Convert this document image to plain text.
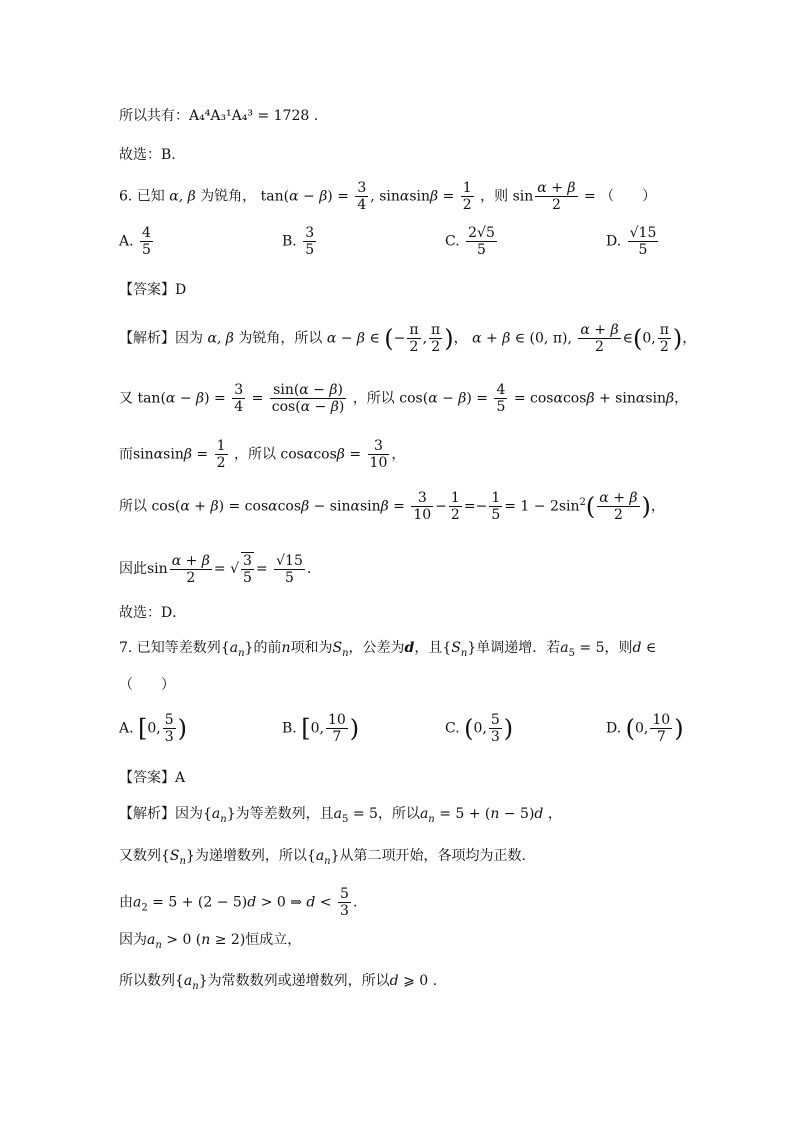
所以共有：A₄⁴A₃¹A₄³ = 1728 .
故选：B.
6. 已知 α, β 为锐角， $\tan(\alpha - \beta) = \frac{3}{4}$ , $\sin\alpha\sin\beta = \frac{1}{2}$ ，则 $\sin \frac{\alpha + \beta}{2}$ = （　　）
A. $\frac{4}{5}$	B. $\frac{3}{5}$	C. $\frac{2√5}{5}$	D. $\frac{√15}{5}$
【答案】D
【解析】因为 α, β 为锐角，所以 α − β ∈ (− $\frac{\pi}{2}$ , $\frac{\pi}{2}$ )， α + β ∈ (0, π), $\frac{\alpha + \beta}{2}$ ∈(0, $\frac{\pi}{2}$ )，
又 $\tan(\alpha - \beta) = \frac{3}{4} = \frac{\sin(\alpha - \beta)}{\cos(\alpha - \beta)}$ ，所以 $\cos(\alpha - \beta) = \frac{4}{5} = \cos\alpha\cos\beta + \sin\alpha\sin\beta$，
而$\sin\alpha\sin\beta = \frac{1}{2}$ ，所以 $\cos\alpha\cos\beta = \frac{3}{10}$ ，
所以 $\cos(\alpha + \beta) = \cos\alpha\cos\beta - \sin\alpha\sin\beta = \frac{3}{10} - \frac{1}{2} =- \frac{1}{5} = 1 - 2\sin^2( \frac{\alpha + \beta}{2}$ )，
因此$\sin \frac{\alpha + \beta}{2}$ = √ $\frac{3}{5} = \frac{√15}{5}$ .
故选：D．
7. 已知等差数列$\{a_n\}$的前n项和为$S_n$，公差为d，且$\{S_n\}$单调递增．若$a_5 = 5$，则d ∈
（　　）
A. [0, $\frac{5}{3}$ )	B. [0, $\frac{10}{7}$ )	C. (0, $\frac{5}{3}$ )	D. (0, $\frac{10}{7}$ )
【答案】A
【解析】因为$\{a_n\}$为等差数列，且$a_5 = 5$，所以$a_n = 5 + (n - 5)d$ ，
又数列$\{S_n\}$为递增数列，所以$\{a_n\}$从第二项开始，各项均为正数.
由$a_2 = 5 + (2 - 5)d > 0$ ⇒ $d < \frac{5}{3}$ .
因为$a_n > 0$ (n ≥ 2)恒成立，
所以数列$\{a_n\}$为常数数列或递增数列，所以d ⩾ 0 .
